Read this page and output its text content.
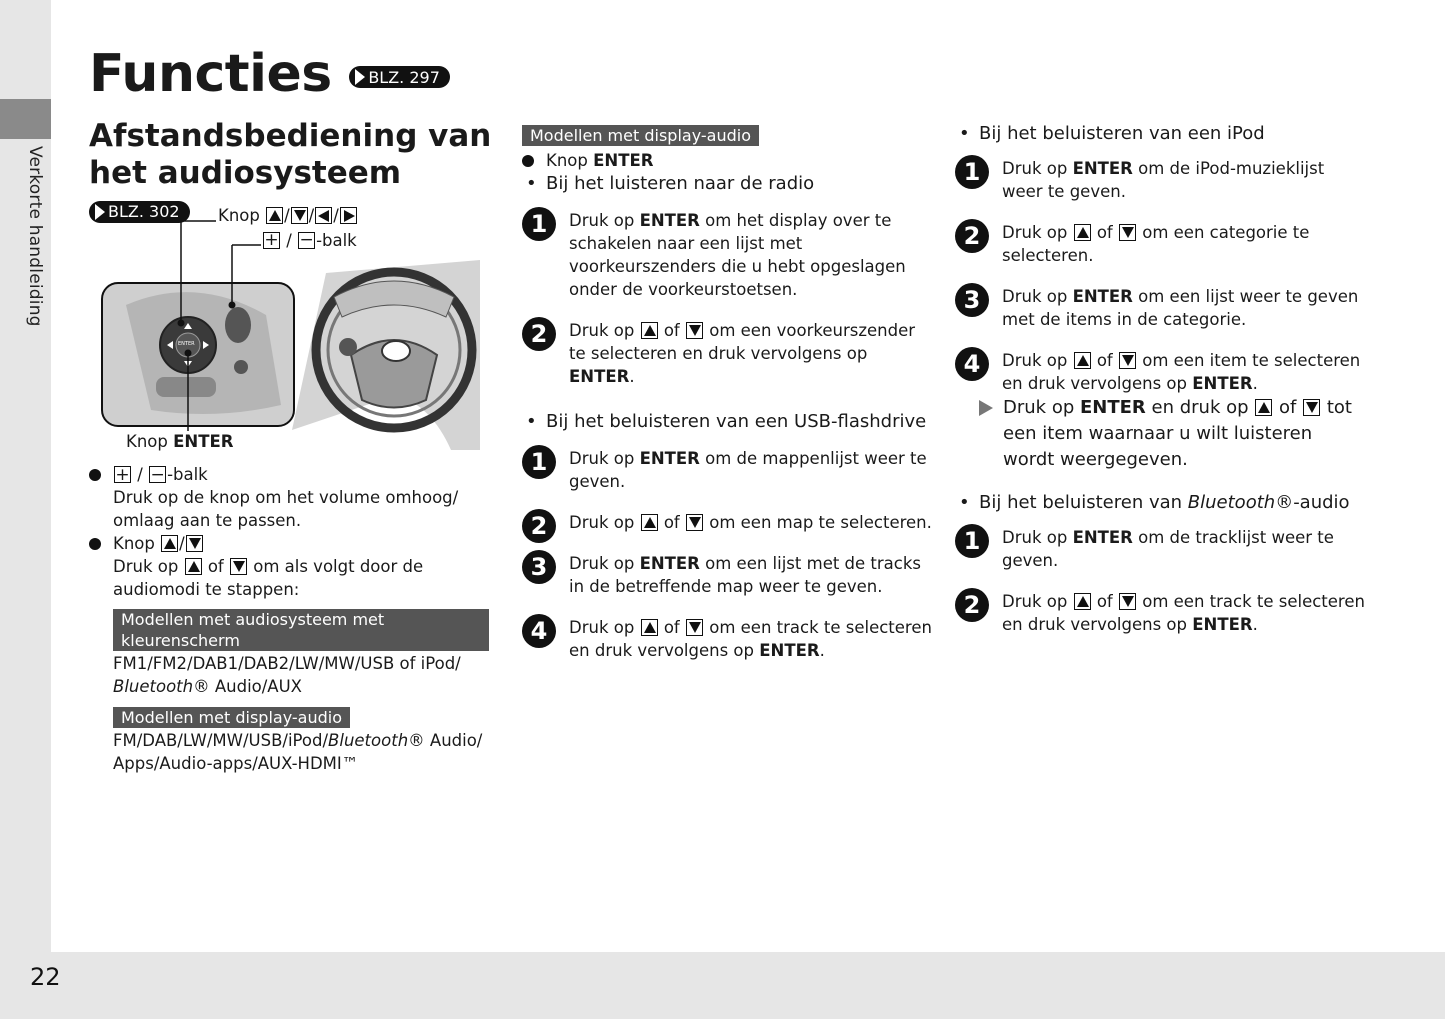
Verkorte handleiding
22
Functies BLZ. 297
Afstandsbediening van het audiosysteem
BLZ. 302 Knop / / /
+ / − -balk
ENTER
Knop ENTER
+ / −-balk
Druk op de knop om het volume omhoog/ omlaag aan te passen.
Knop /
Druk op of om als volgt door de audiomodi te stappen:
Modellen met audiosysteem met kleurenscherm
FM1/FM2/DAB1/DAB2/LW/MW/USB of iPod/
Bluetooth® Audio/AUX
Modellen met display-audio
FM/DAB/LW/MW/USB/iPod/Bluetooth® Audio/ Apps/Audio-apps/AUX-HDMI™
Modellen met display-audio
Knop ENTER
• Bij het luisteren naar de radio
1	Druk op ENTER om het display over te schakelen naar een lijst met voorkeurszenders die u hebt opgeslagen onder de voorkeurstoetsen.
2	Druk op of om een voorkeurszender te selecteren en druk vervolgens op ENTER.
• Bij het beluisteren van een USB-flashdrive
1	Druk op ENTER om de mappenlijst weer te geven.
2	Druk op of om een map te selecteren.
3	Druk op ENTER om een lijst met de tracks in de betreffende map weer te geven.
4	Druk op of om een track te selecteren en druk vervolgens op ENTER.
• Bij het beluisteren van een iPod
1	Druk op ENTER om de iPod-muzieklijst weer te geven.
2	Druk op of om een categorie te selecteren.
3	Druk op ENTER om een lijst weer te geven met de items in de categorie.
4	Druk op of om een item te selecteren en druk vervolgens op ENTER.
Druk op ENTER en druk op of tot een item waarnaar u wilt luisteren wordt weergegeven.
• Bij het beluisteren van Bluetooth®-audio
1	Druk op ENTER om de tracklijst weer te geven.
2	Druk op of om een track te selecteren en druk vervolgens op ENTER.
